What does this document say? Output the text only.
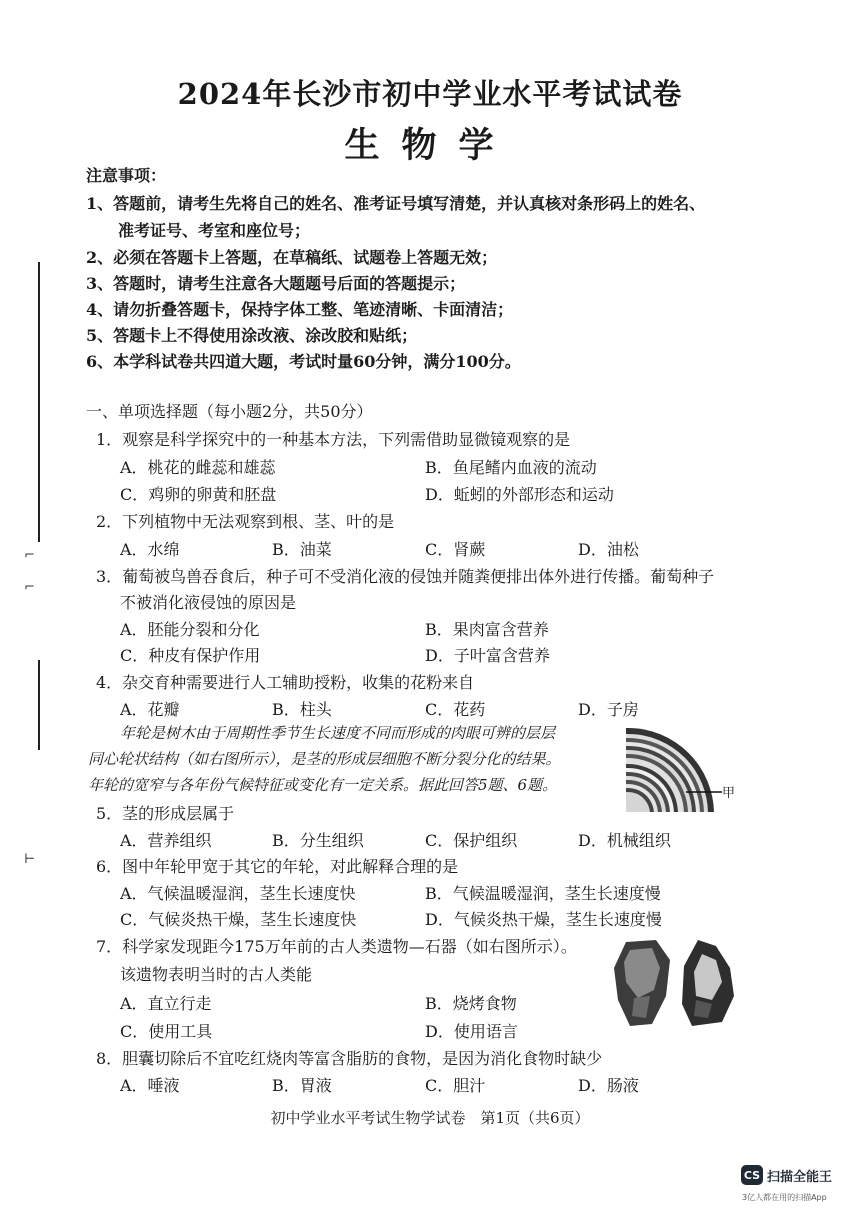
⌐
⌐
⊢
2024年长沙市初中学业水平考试试卷
生物学
注意事项：
1、答题前，请考生先将自己的姓名、准考证号填写清楚，并认真核对条形码上的姓名、
准考证号、考室和座位号；
2、必须在答题卡上答题，在草稿纸、试题卷上答题无效；
3、答题时，请考生注意各大题题号后面的答题提示；
4、请勿折叠答题卡，保持字体工整、笔迹清晰、卡面清洁；
5、答题卡上不得使用涂改液、涂改胶和贴纸；
6、本学科试卷共四道大题，考试时量60分钟，满分100分。
一、单项选择题（每小题2分，共50分）
1．观察是科学探究中的一种基本方法，下列需借助显微镜观察的是
A．桃花的雌蕊和雄蕊	B．鱼尾鳍内血液的流动
C．鸡卵的卵黄和胚盘	D．蚯蚓的外部形态和运动
2．下列植物中无法观察到根、茎、叶的是
A．水绵	B．油菜	C．肾蕨	D．油松
3．葡萄被鸟兽吞食后，种子可不受消化液的侵蚀并随粪便排出体外进行传播。葡萄种子
不被消化液侵蚀的原因是
A．胚能分裂和分化	B．果肉富含营养
C．种皮有保护作用	D．子叶富含营养
4．杂交育种需要进行人工辅助授粉，收集的花粉来自
A．花瓣	B．柱头	C．花药	D．子房
年轮是树木由于周期性季节生长速度不同而形成的肉眼可辨的层层
同心轮状结构（如右图所示），是茎的形成层细胞不断分裂分化的结果。
年轮的宽窄与各年份气候特征或变化有一定关系。据此回答5题、6题。	甲
5．茎的形成层属于
A．营养组织	B．分生组织	C．保护组织	D．机械组织
6．图中年轮甲宽于其它的年轮，对此解释合理的是
A．气候温暖湿润，茎生长速度快	B．气候温暖湿润，茎生长速度慢
C．气候炎热干燥，茎生长速度快	D．气候炎热干燥，茎生长速度慢
7．科学家发现距今175万年前的古人类遗物—石器（如右图所示）。
该遗物表明当时的古人类能
A．直立行走	B．烧烤食物
C．使用工具	D．使用语言
8．胆囊切除后不宜吃红烧肉等富含脂肪的食物，是因为消化食物时缺少
A．唾液	B．胃液	C．胆汁	D．肠液
初中学业水平考试生物学试卷　第1页（共6页）
CS 扫描全能王
3亿人都在用的扫描App
